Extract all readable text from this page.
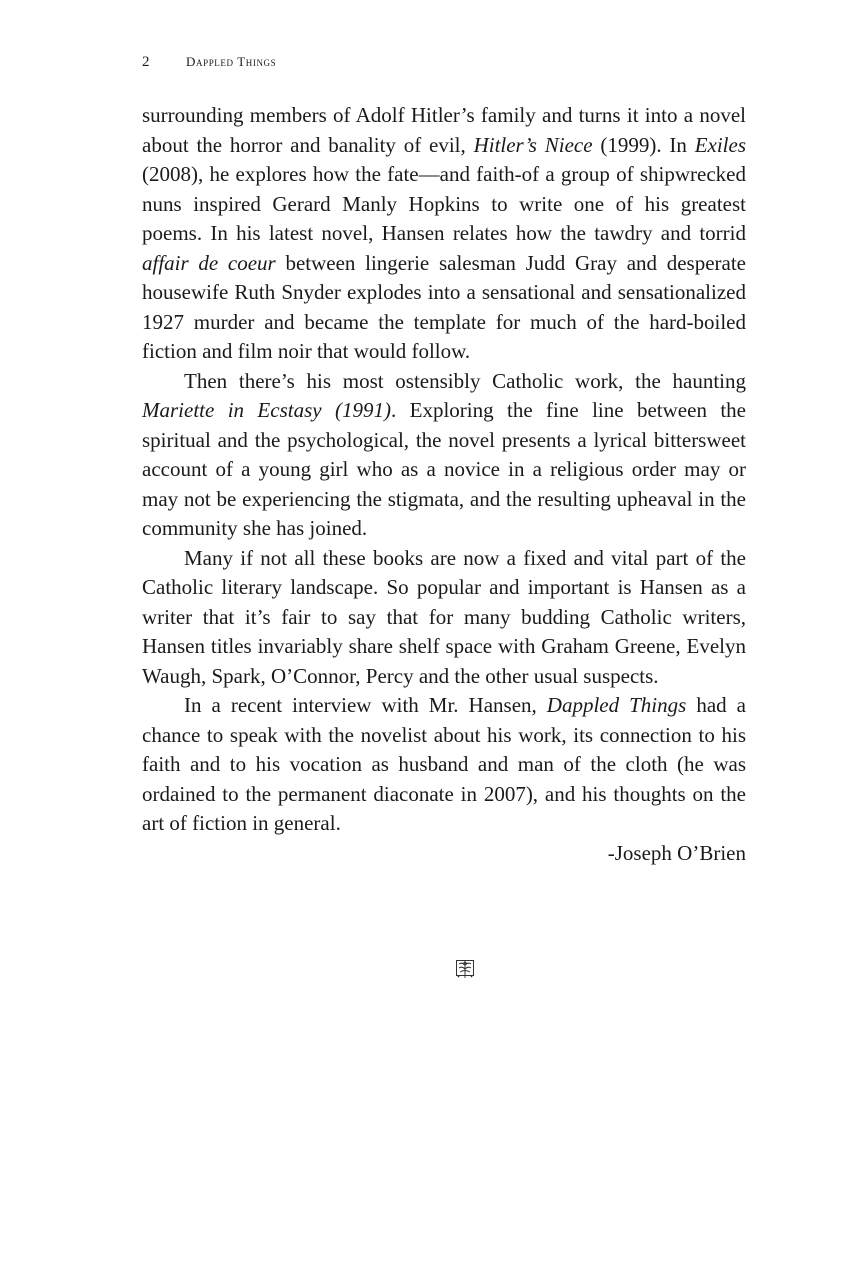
2	Dappled Things

surrounding members of Adolf Hitler’s family and turns it into a novel about the horror and banality of evil, Hitler’s Niece (1999). In Exiles (2008), he explores how the fate—and faith-of a group of shipwrecked nuns inspired Gerard Manly Hopkins to write one of his greatest poems. In his latest novel, Hansen relates how the tawdry and torrid affair de coeur between lingerie salesman Judd Gray and desperate housewife Ruth Snyder explodes into a sensational and sensationalized 1927 murder and became the template for much of the hard-boiled fiction and film noir that would follow.

Then there’s his most ostensibly Catholic work, the haunting Mariette in Ecstasy (1991). Exploring the fine line between the spiritual and the psychological, the novel presents a lyrical bittersweet account of a young girl who as a novice in a religious order may or may not be experiencing the stigmata, and the resulting upheaval in the community she has joined.

Many if not all these books are now a fixed and vital part of the Catholic literary landscape. So popular and important is Hansen as a writer that it’s fair to say that for many budding Catholic writers, Hansen titles invariably share shelf space with Graham Greene, Evelyn Waugh, Spark, O’Connor, Percy and the other usual suspects.

In a recent interview with Mr. Hansen, Dappled Things had a chance to speak with the novelist about his work, its connection to his faith and to his vocation as husband and man of the cloth (he was ordained to the permanent diaconate in 2007), and his thoughts on the art of fiction in general.

-Joseph O’Brien
